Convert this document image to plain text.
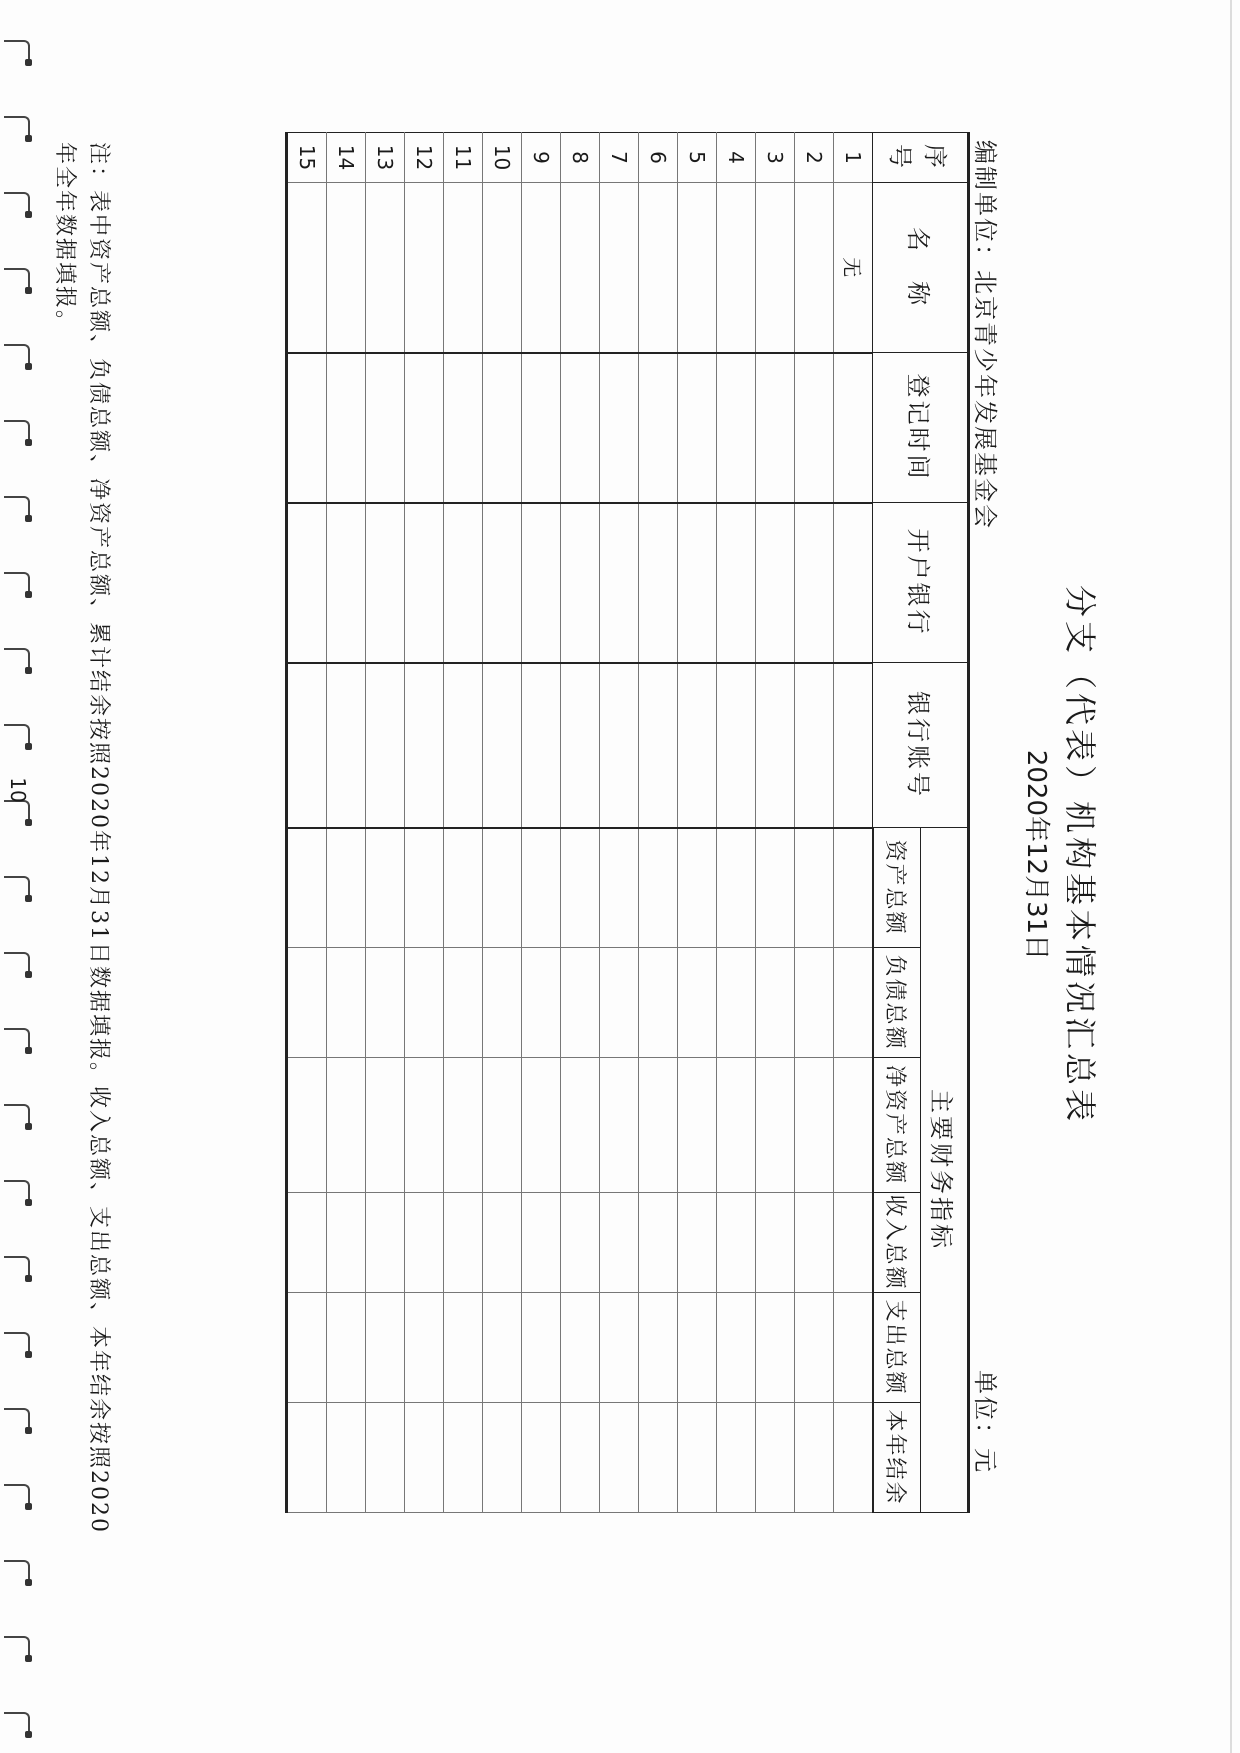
分支（代表）机构基本情况汇总表
2020年12月31日
编制单位：北京青少年发展基金会
单位：元
序号	名　称	登记时间	开户银行	银行账号	主要财务指标					
					资产总额	负债总额	净资产总额	收入总额	支出总额	本年结余
1	无									
2										
3										
4										
5										
6										
7										
8										
9										
10										
11										
12										
13										
14										
15										
注：表中资产总额、负债总额、净资产总额、累计结余按照2020年12月31日数据填报。收入总额、支出总额、本年结余按照2020年全年数据填报。
10
